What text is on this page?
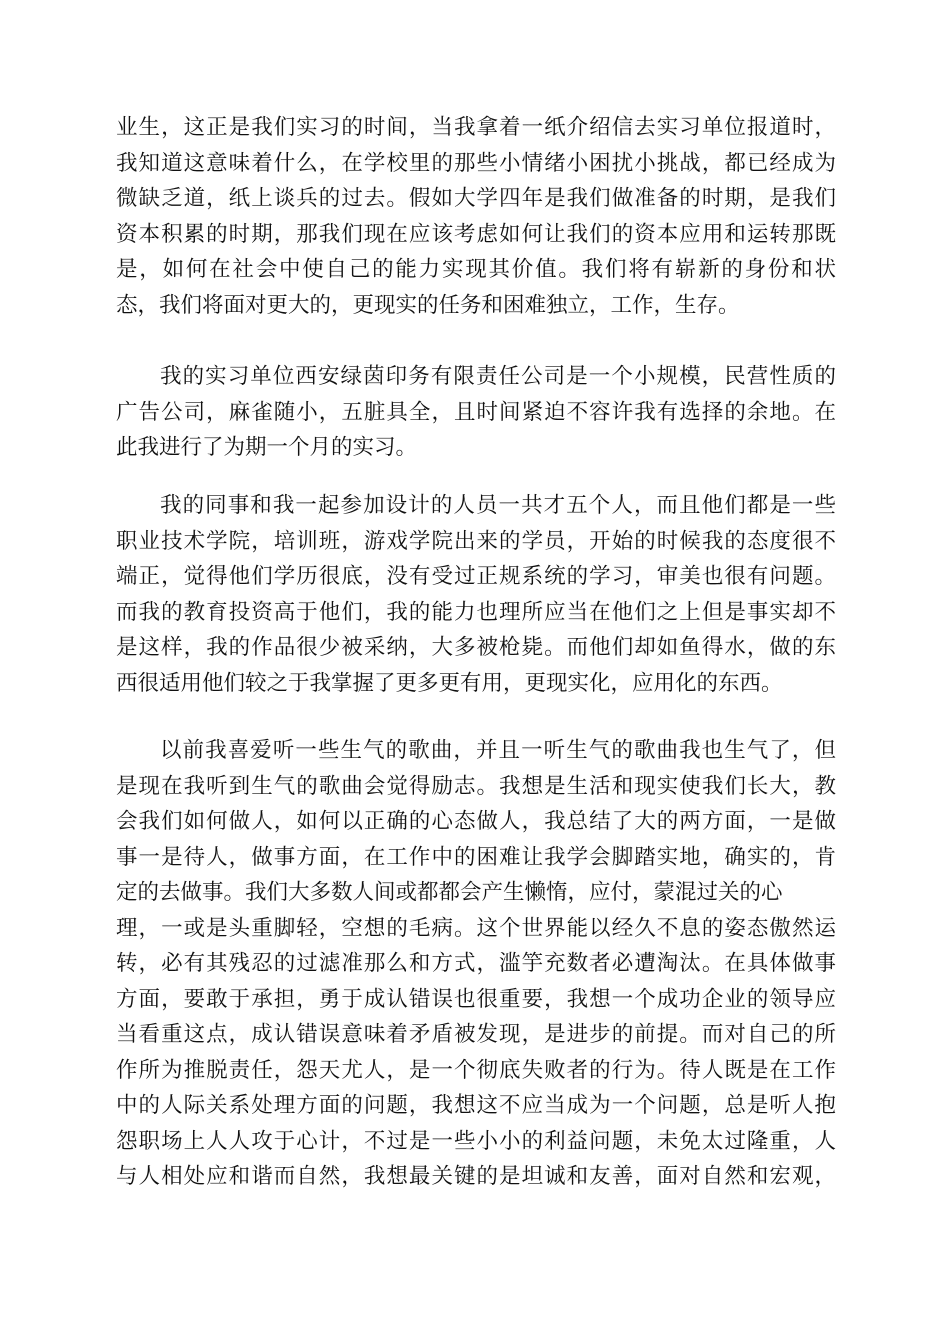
业生，这正是我们实习的时间，当我拿着一纸介绍信去实习单位报道时，
我知道这意味着什么，在学校里的那些小情绪小困扰小挑战，都已经成为
微缺乏道，纸上谈兵的过去。假如大学四年是我们做准备的时期，是我们
资本积累的时期，那我们现在应该考虑如何让我们的资本应用和运转那既
是，如何在社会中使自己的能力实现其价值。我们将有崭新的身份和状
态，我们将面对更大的，更现实的任务和困难独立，工作，生存。
我的实习单位西安绿茵印务有限责任公司是一个小规模，民营性质的
广告公司，麻雀随小，五脏具全，且时间紧迫不容许我有选择的余地。在
此我进行了为期一个月的实习。
我的同事和我一起参加设计的人员一共才五个人，而且他们都是一些
职业技术学院，培训班，游戏学院出来的学员，开始的时候我的态度很不
端正，觉得他们学历很底，没有受过正规系统的学习，审美也很有问题。
而我的教育投资高于他们，我的能力也理所应当在他们之上但是事实却不
是这样，我的作品很少被采纳，大多被枪毙。而他们却如鱼得水，做的东
西很适用他们较之于我掌握了更多更有用，更现实化，应用化的东西。
以前我喜爱听一些生气的歌曲，并且一听生气的歌曲我也生气了，但
是现在我听到生气的歌曲会觉得励志。我想是生活和现实使我们长大，教
会我们如何做人，如何以正确的心态做人，我总结了大的两方面，一是做
事一是待人，做事方面，在工作中的困难让我学会脚踏实地，确实的，肯
定的去做事。我们大多数人间或都都会产生懒惰，应付，蒙混过关的心
理，一或是头重脚轻，空想的毛病。这个世界能以经久不息的姿态傲然运
转，必有其残忍的过滤准那么和方式，滥竽充数者必遭淘汰。在具体做事
方面，要敢于承担，勇于成认错误也很重要，我想一个成功企业的领导应
当看重这点，成认错误意味着矛盾被发现，是进步的前提。而对自己的所
作所为推脱责任，怨天尤人，是一个彻底失败者的行为。待人既是在工作
中的人际关系处理方面的问题，我想这不应当成为一个问题，总是听人抱
怨职场上人人攻于心计，不过是一些小小的利益问题，未免太过隆重，人
与人相处应和谐而自然，我想最关键的是坦诚和友善，面对自然和宏观，
